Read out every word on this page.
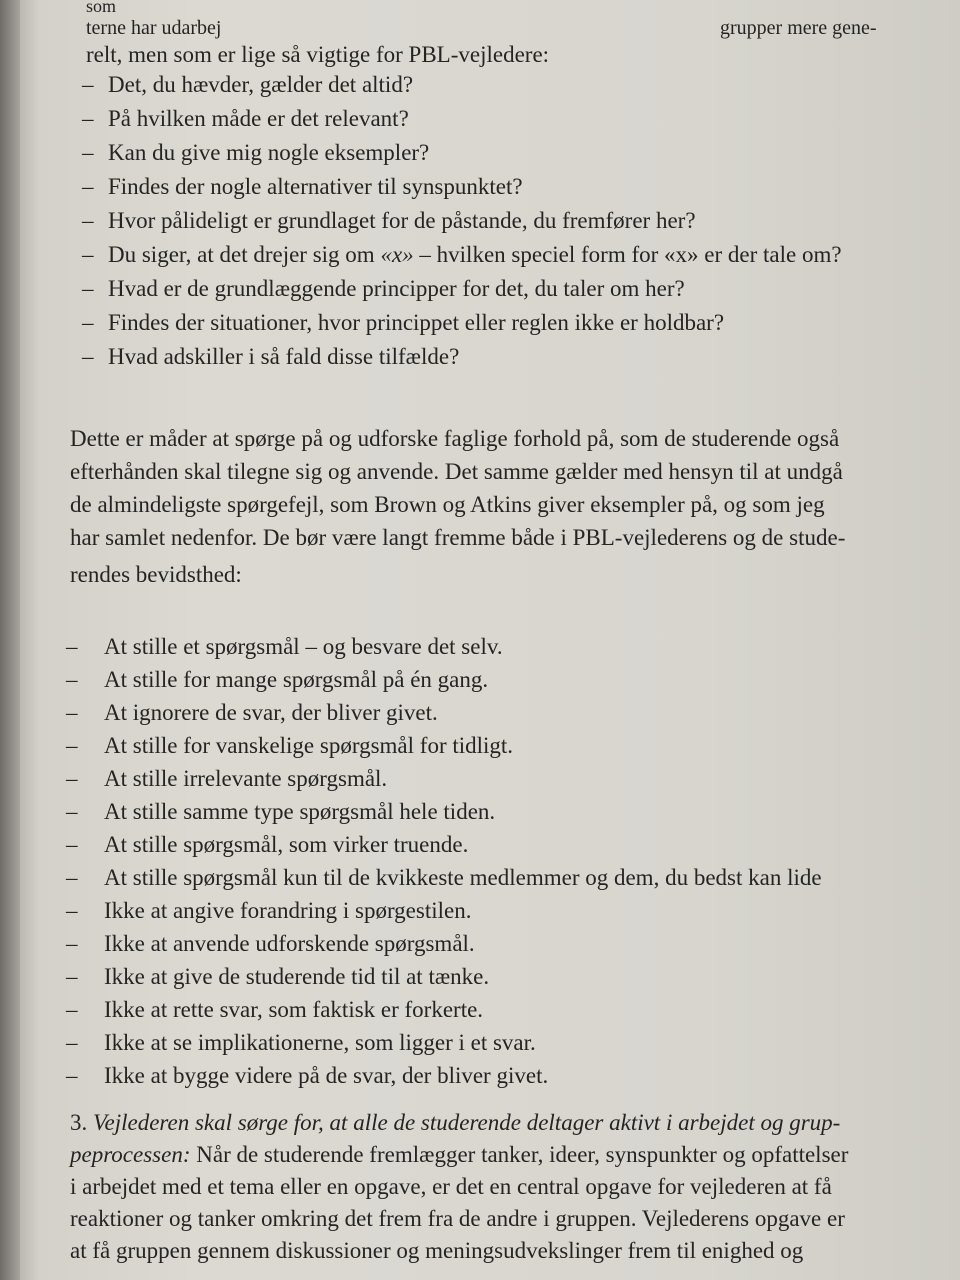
som
terne har udarbej	grupper mere gene-
relt, men som er lige så vigtige for PBL-vejledere:
– Det, du hævder, gælder det altid?
– På hvilken måde er det relevant?
– Kan du give mig nogle eksempler?
– Findes der nogle alternativer til synspunktet?
– Hvor pålideligt er grundlaget for de påstande, du fremfører her?
– Du siger, at det drejer sig om «x» – hvilken speciel form for «x» er der tale om?
– Hvad er de grundlæggende principper for det, du taler om her?
– Findes der situationer, hvor princippet eller reglen ikke er holdbar?
– Hvad adskiller i så fald disse tilfælde?
Dette er måder at spørge på og udforske faglige forhold på, som de studerende også
efterhånden skal tilegne sig og anvende. Det samme gælder med hensyn til at undgå
de almindeligste spørgefejl, som Brown og Atkins giver eksempler på, og som jeg
har samlet nedenfor. De bør være langt fremme både i PBL-vejlederens og de stude-
rendes bevidsthed:
– At stille et spørgsmål – og besvare det selv.
– At stille for mange spørgsmål på én gang.
– At ignorere de svar, der bliver givet.
– At stille for vanskelige spørgsmål for tidligt.
– At stille irrelevante spørgsmål.
– At stille samme type spørgsmål hele tiden.
– At stille spørgsmål, som virker truende.
– At stille spørgsmål kun til de kvikkeste medlemmer og dem, du bedst kan lide
– Ikke at angive forandring i spørgestilen.
– Ikke at anvende udforskende spørgsmål.
– Ikke at give de studerende tid til at tænke.
– Ikke at rette svar, som faktisk er forkerte.
– Ikke at se implikationerne, som ligger i et svar.
– Ikke at bygge videre på de svar, der bliver givet.
3. Vejlederen skal sørge for, at alle de studerende deltager aktivt i arbejdet og grup-
peprocessen: Når de studerende fremlægger tanker, ideer, synspunkter og opfattelser
i arbejdet med et tema eller en opgave, er det en central opgave for vejlederen at få
reaktioner og tanker omkring det frem fra de andre i gruppen. Vejlederens opgave er
at få gruppen gennem diskussioner og meningsudvekslinger frem til enighed og
